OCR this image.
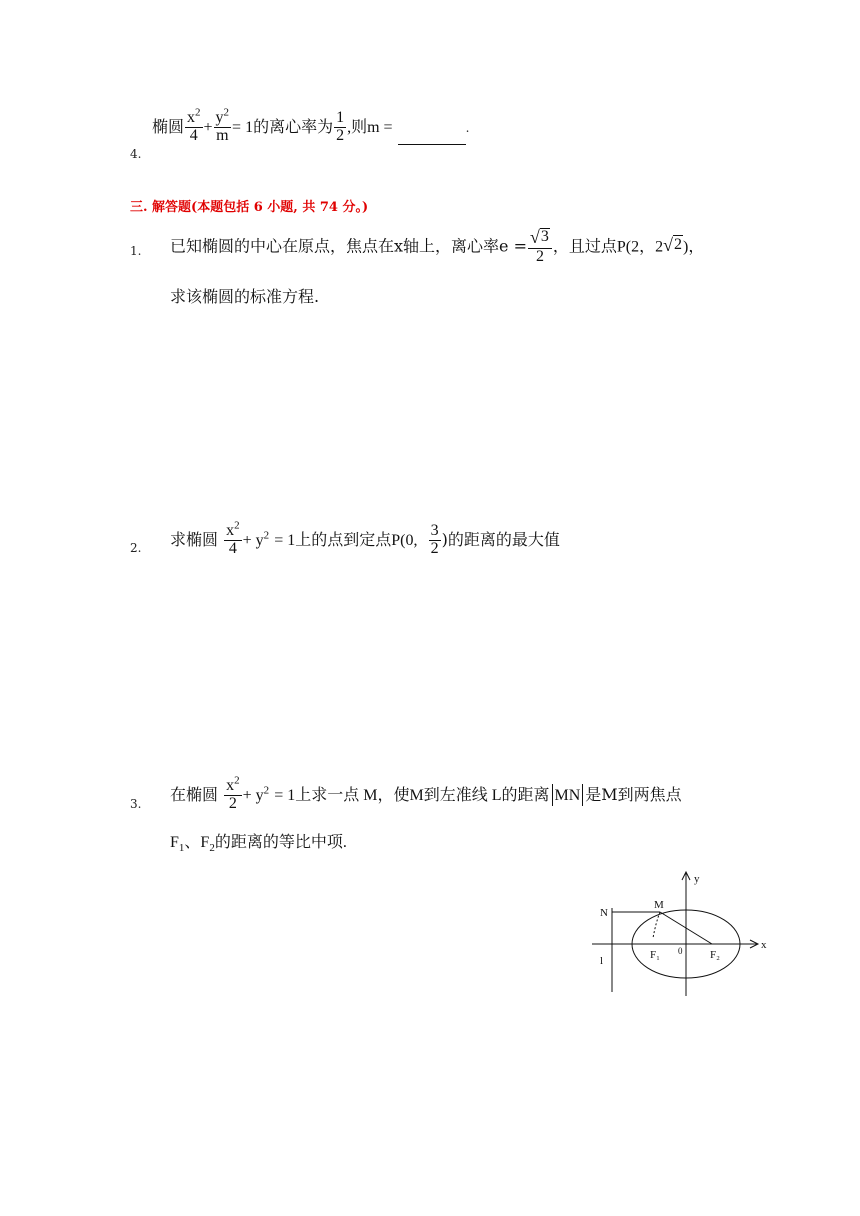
4.
椭圆 $\frac{x^2}{4} + \frac{y^2}{m} = 1$的离心率为 $\frac{1}{2}$ ,则m =	.
三. 解答题(本题包括 6 小题, 共 74 分。)
1. 已知椭圆的中心在原点，焦点在x轴上，离心率$e = \frac{√ 3}{2}$ ，且过点P(2，2 √ 2 )，
求该椭圆的标准方程.
2. 求椭圆 $\frac{x^2}{4} + y^2 = 1$上的点到定点P(0, $\frac{3}{2}$ )的距离的最大值
3.
在椭圆 $\frac{x^2}{2} + y^2 = 1$上求一点 M，使M到左准线 L的距离 MN 是M到两焦点
$F_1$、$F_2$的距离的等比中项.
y
x
l
N
M
F₁ 0	F₂
